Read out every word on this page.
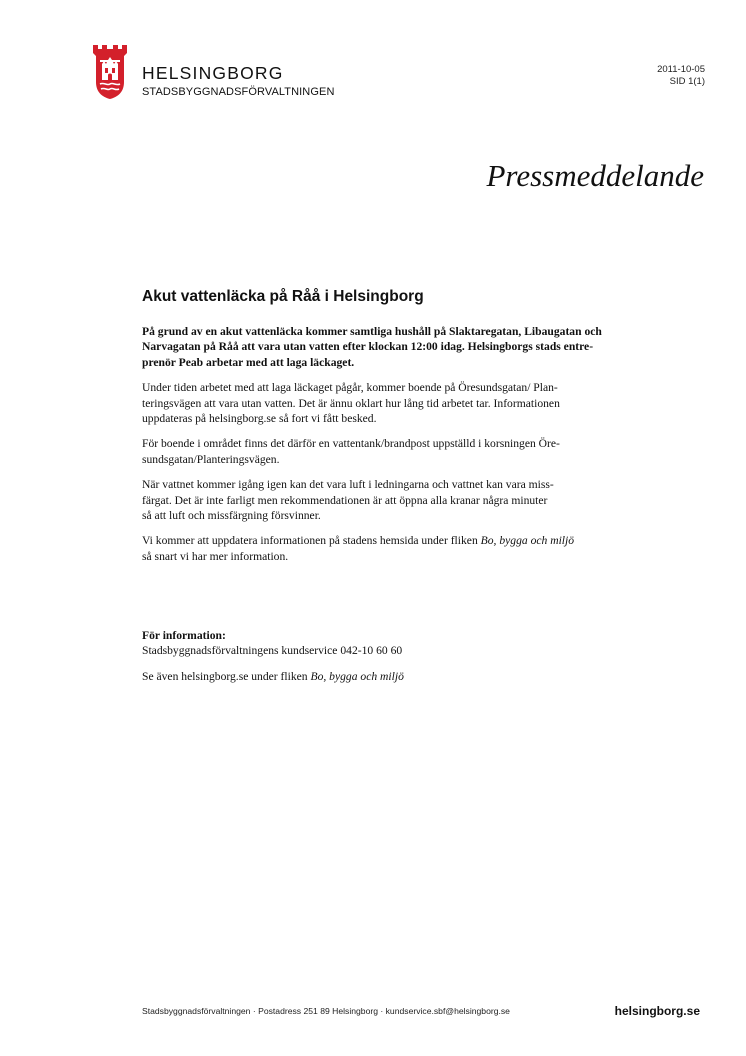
HELSINGBORG
STADSBYGGNADSFÖRVALTNINGEN
2011-10-05
SID 1(1)
Pressmeddelande
Akut vattenläcka på Råå i Helsingborg

På grund av en akut vattenläcka kommer samtliga hushåll på Slaktaregatan, Libaugatan och
Narvagatan på Råå att vara utan vatten efter klockan 12:00 idag. Helsingborgs stads entre-
prenör Peab arbetar med att laga läckaget.

Under tiden arbetet med att laga läckaget pågår, kommer boende på Öresundsgatan/ Plan-
teringsvägen att vara utan vatten. Det är ännu oklart hur lång tid arbetet tar. Informationen
uppdateras på helsingborg.se så fort vi fått besked.

För boende i området finns det därför en vattentank/brandpost uppställd i korsningen Öre-
sundsgatan/Planteringsvägen.

När vattnet kommer igång igen kan det vara luft i ledningarna och vattnet kan vara miss-
färgat. Det är inte farligt men rekommendationen är att öppna alla kranar några minuter
så att luft och missfärgning försvinner.

Vi kommer att uppdatera informationen på stadens hemsida under fliken Bo, bygga och miljö
så snart vi har mer information.

För information:
Stadsbyggnadsförvaltningens kundservice 042-10 60 60
Se även helsingborg.se under fliken Bo, bygga och miljö
Stadsbyggnadsförvaltningen · Postadress 251 89 Helsingborg · kundservice.sbf@helsingborg.se	helsingborg.se
